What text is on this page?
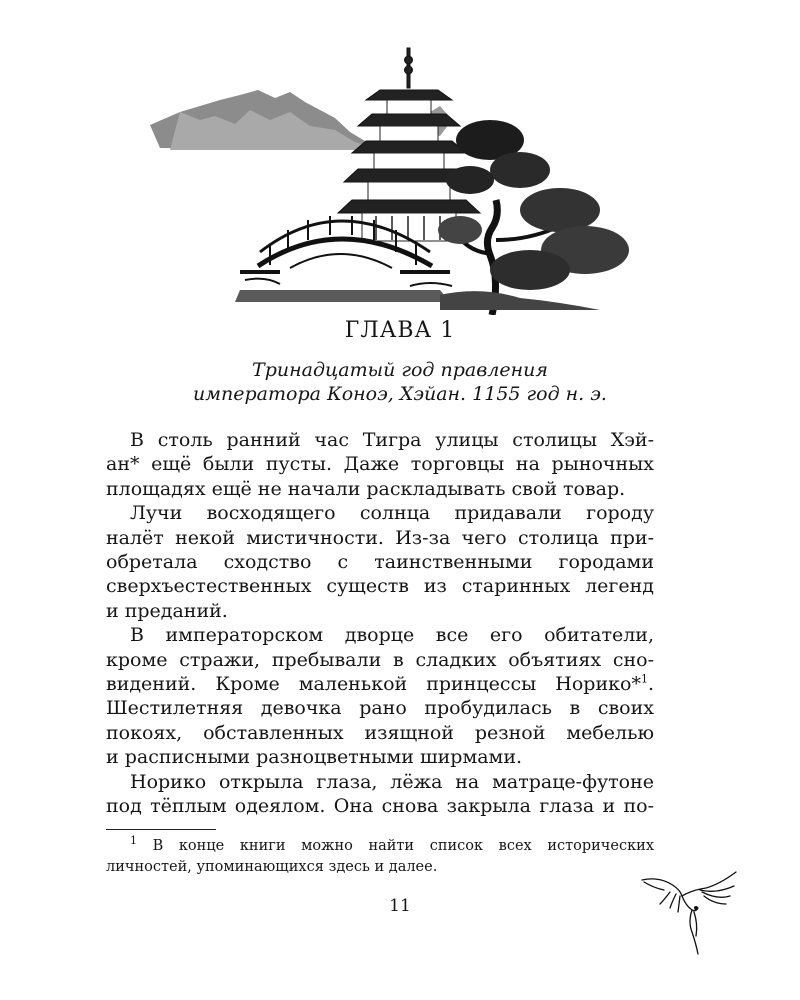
ГЛАВА 1
Тринадцатый год правления
императора Коноэ, Хэйан. 1155 год н. э.

В столь ранний час Тигра улицы столицы Хэй-
ан* ещё были пусты. Даже торговцы на рыночных
площадях ещё не начали раскладывать свой товар.

Лучи восходящего солнца придавали городу
налёт некой мистичности. Из-за чего столица при-
обретала сходство с таинственными городами
сверхъестественных существ из старинных легенд
и преданий.

В императорском дворце все его обитатели,
кроме стражи, пребывали в сладких объятиях сно-
видений. Кроме маленькой принцессы Норико*$^1$.
Шестилетняя девочка рано пробудилась в своих
покоях, обставленных изящной резной мебелью
и расписными разноцветными ширмами.

Норико открыла глаза, лёжа на матраце-футоне
под тёплым одеялом. Она снова закрыла глаза и по-

$^1$ В конце книги можно найти список всех исторических
личностей, упоминающихся здесь и далее.
11
